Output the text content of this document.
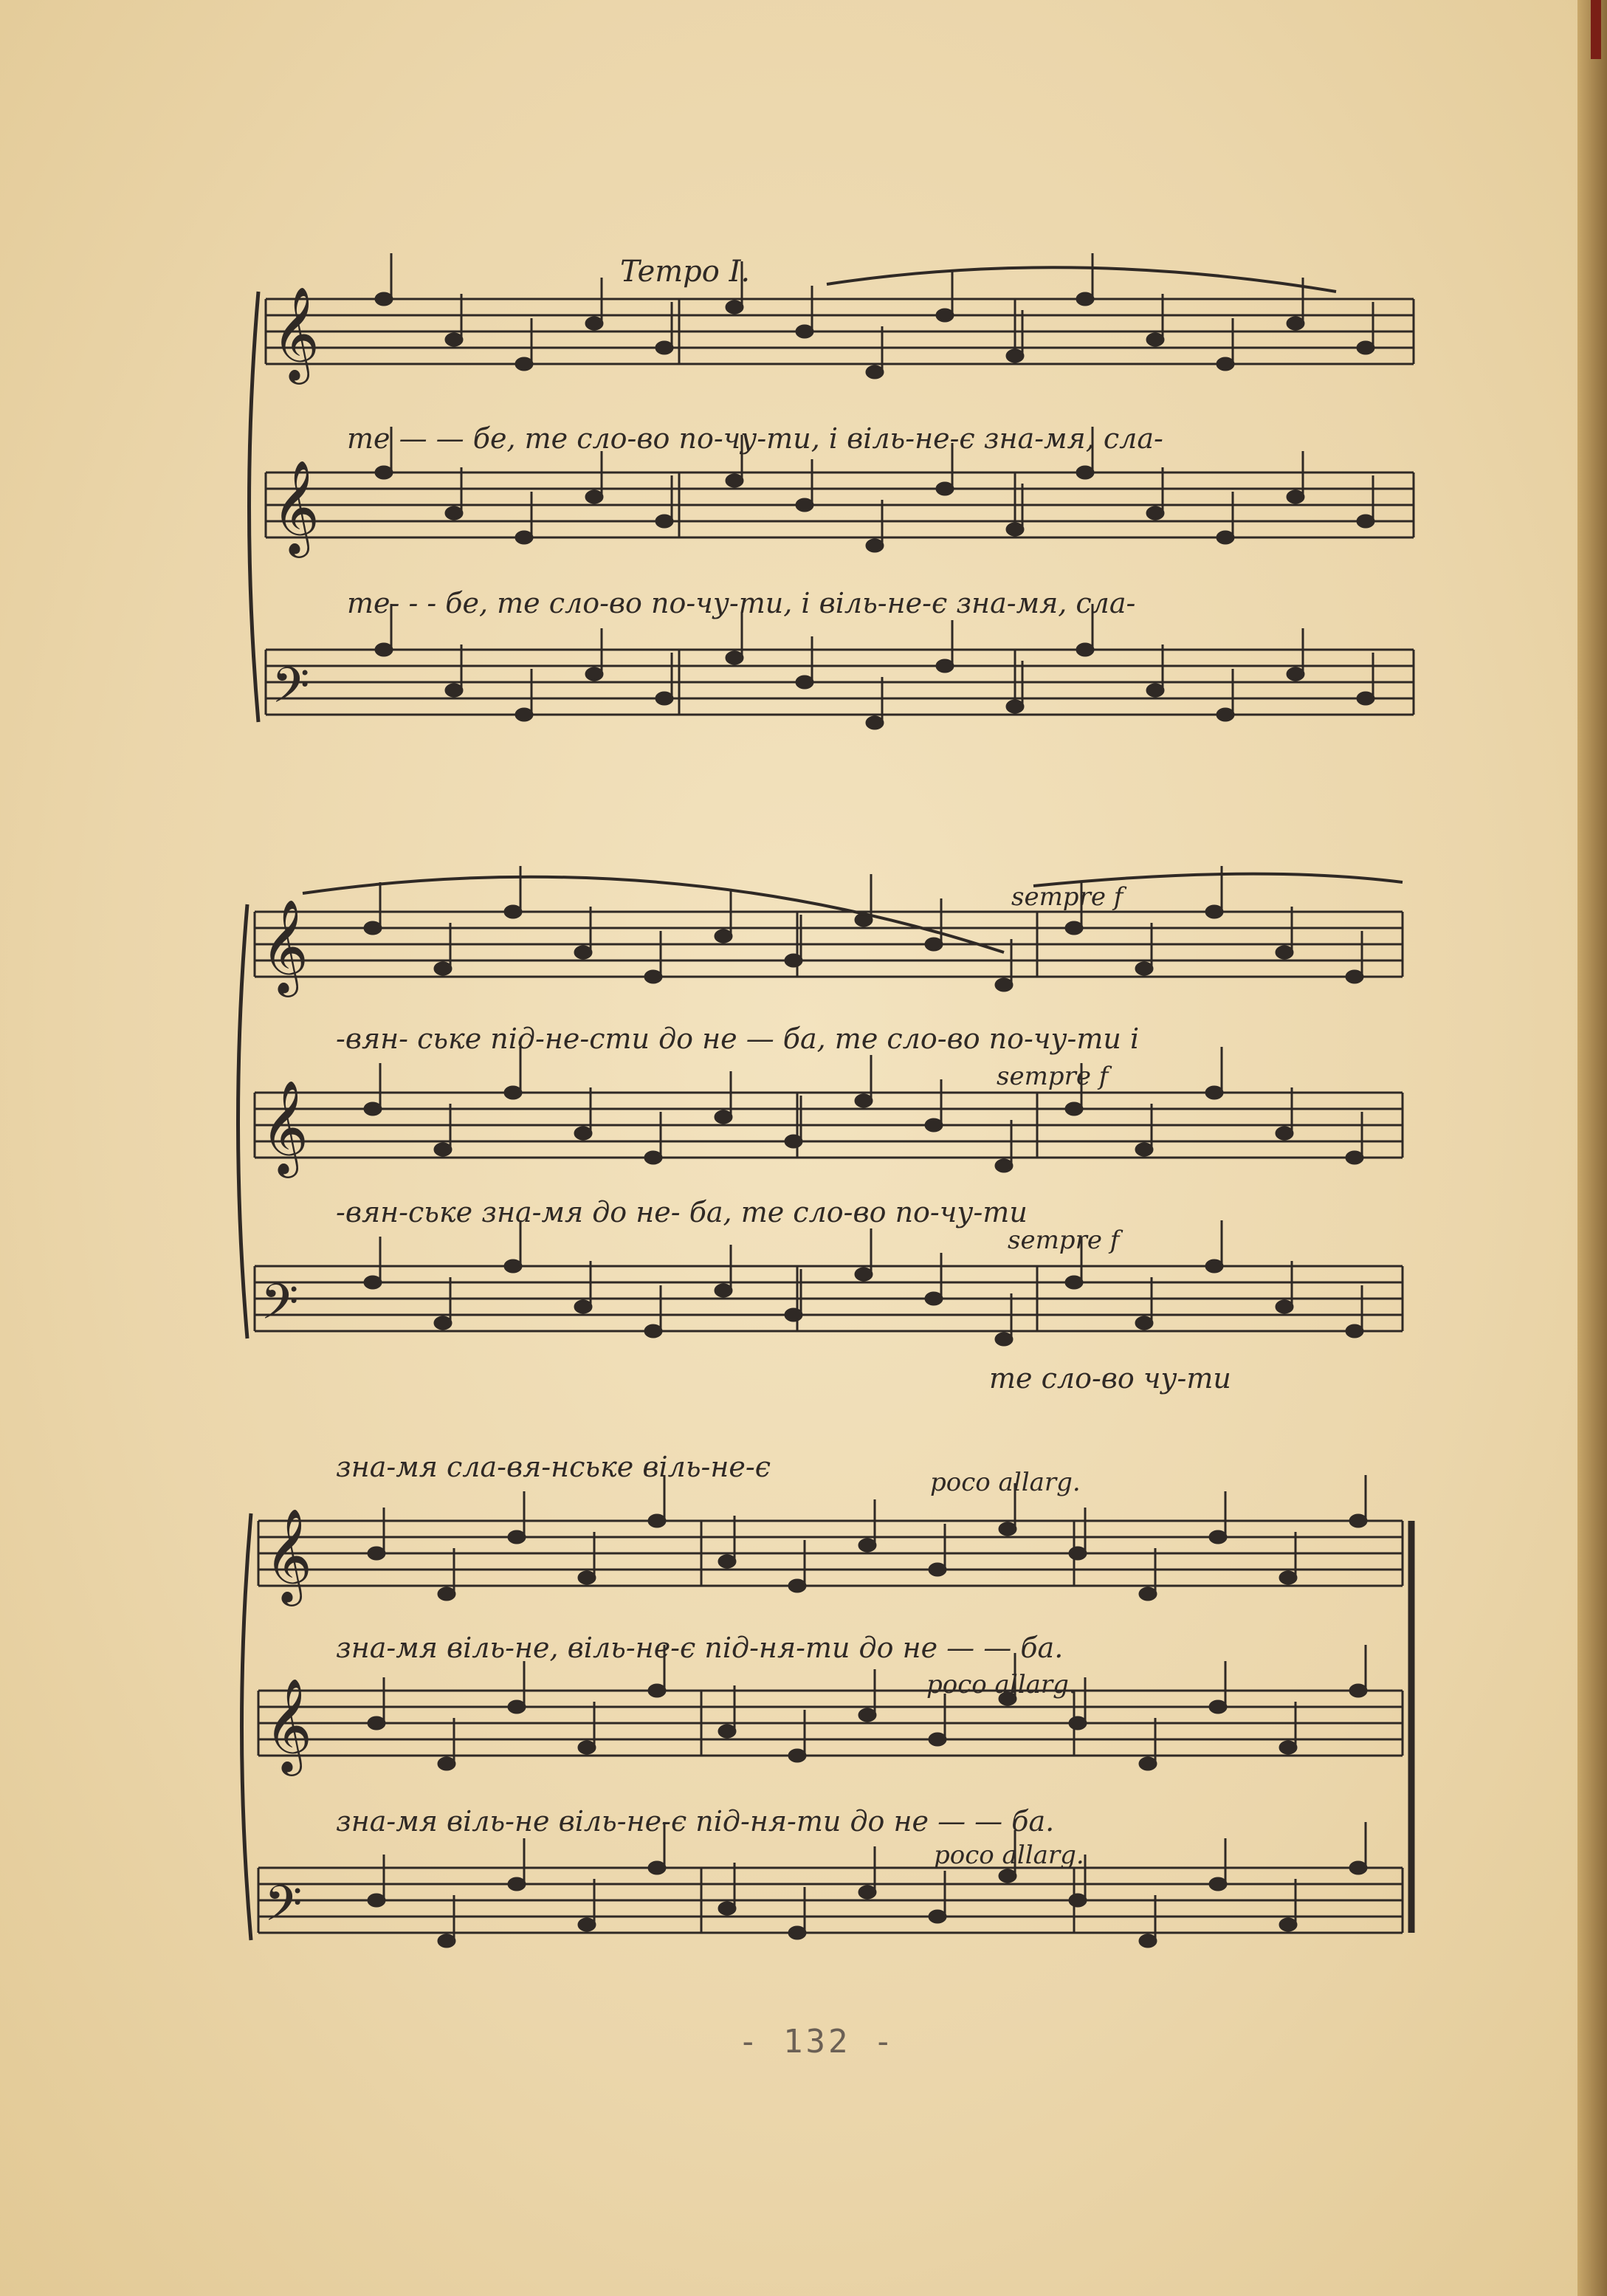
𝄞
𝄞
𝄢
𝄞
𝄞
𝄢
𝄞
𝄞
𝄢
Tempo I.
те — — бе, те сло-во по-чу-ти, і віль-не-є зна-мя, сла-
те- - - бе, те сло-во по-чу-ти, і віль-не-є зна-мя, сла-
sempre f
-вян- ське під-не-сти до не — ба, те сло-во по-чу-ти і
sempre f
-вян-ське зна-мя до не- ба, те сло-во по-чу-ти
sempre f
те сло-во чу-ти
зна-мя сла-вя-нське віль-не-є	poco allarg.
зна-мя віль-не, віль-не-є під-ня-ти до не — — ба.
poco allarg.
зна-мя віль-не віль-не-є під-ня-ти до не — — ба.
poco allarg.
- 132 -
